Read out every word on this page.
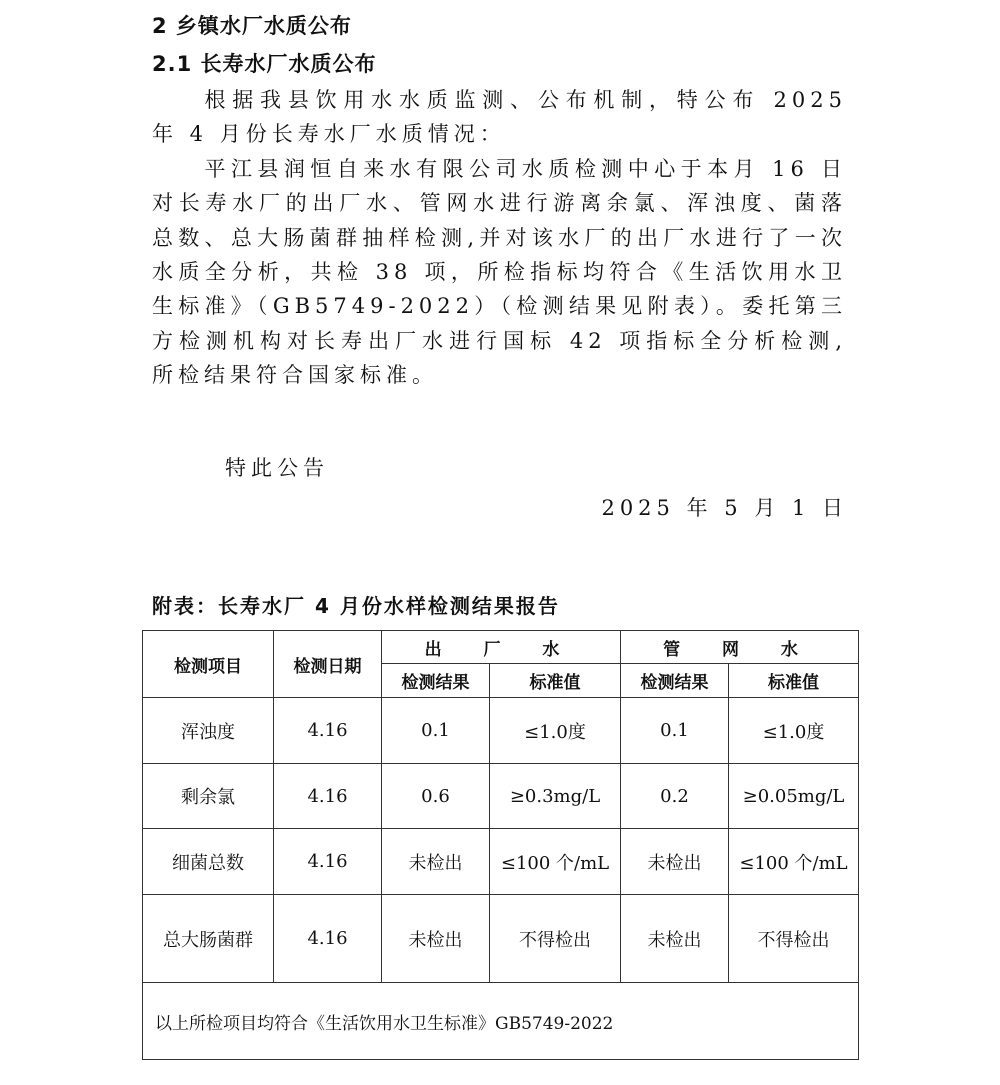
2 乡镇水厂水质公布
2.1 长寿水厂水质公布

根据我县饮用水水质监测、公布机制，特公布 2025 年 4 月份长寿水厂水质情况：

平江县润恒自来水有限公司水质检测中心于本月 16 日对长寿水厂的出厂水、管网水进行游离余氯、浑浊度、菌落总数、总大肠菌群抽样检测,并对该水厂的出厂水进行了一次水质全分析，共检 38 项，所检指标均符合《生活饮用水卫生标准》（GB5749-2022）（检测结果见附表）。委托第三方检测机构对长寿出厂水进行国标 42 项指标全分析检测,所检结果符合国家标准。

特此公告
2025 年 5 月 1 日
附表：长寿水厂 4 月份水样检测结果报告
检测项目	检测日期	出 厂 水		管 网 水	
		检测结果	标准值	检测结果	标准值
浑浊度	4.16	0.1	≤1.0度	0.1	≤1.0度
剩余氯	4.16	0.6	≥0.3mg/L	0.2	≥0.05mg/L
细菌总数	4.16	未检出	≤100 个/mL	未检出	≤100 个/mL
总大肠菌群	4.16	未检出	不得检出	未检出	不得检出
以上所检项目均符合《生活饮用水卫生标准》GB5749-2022					
